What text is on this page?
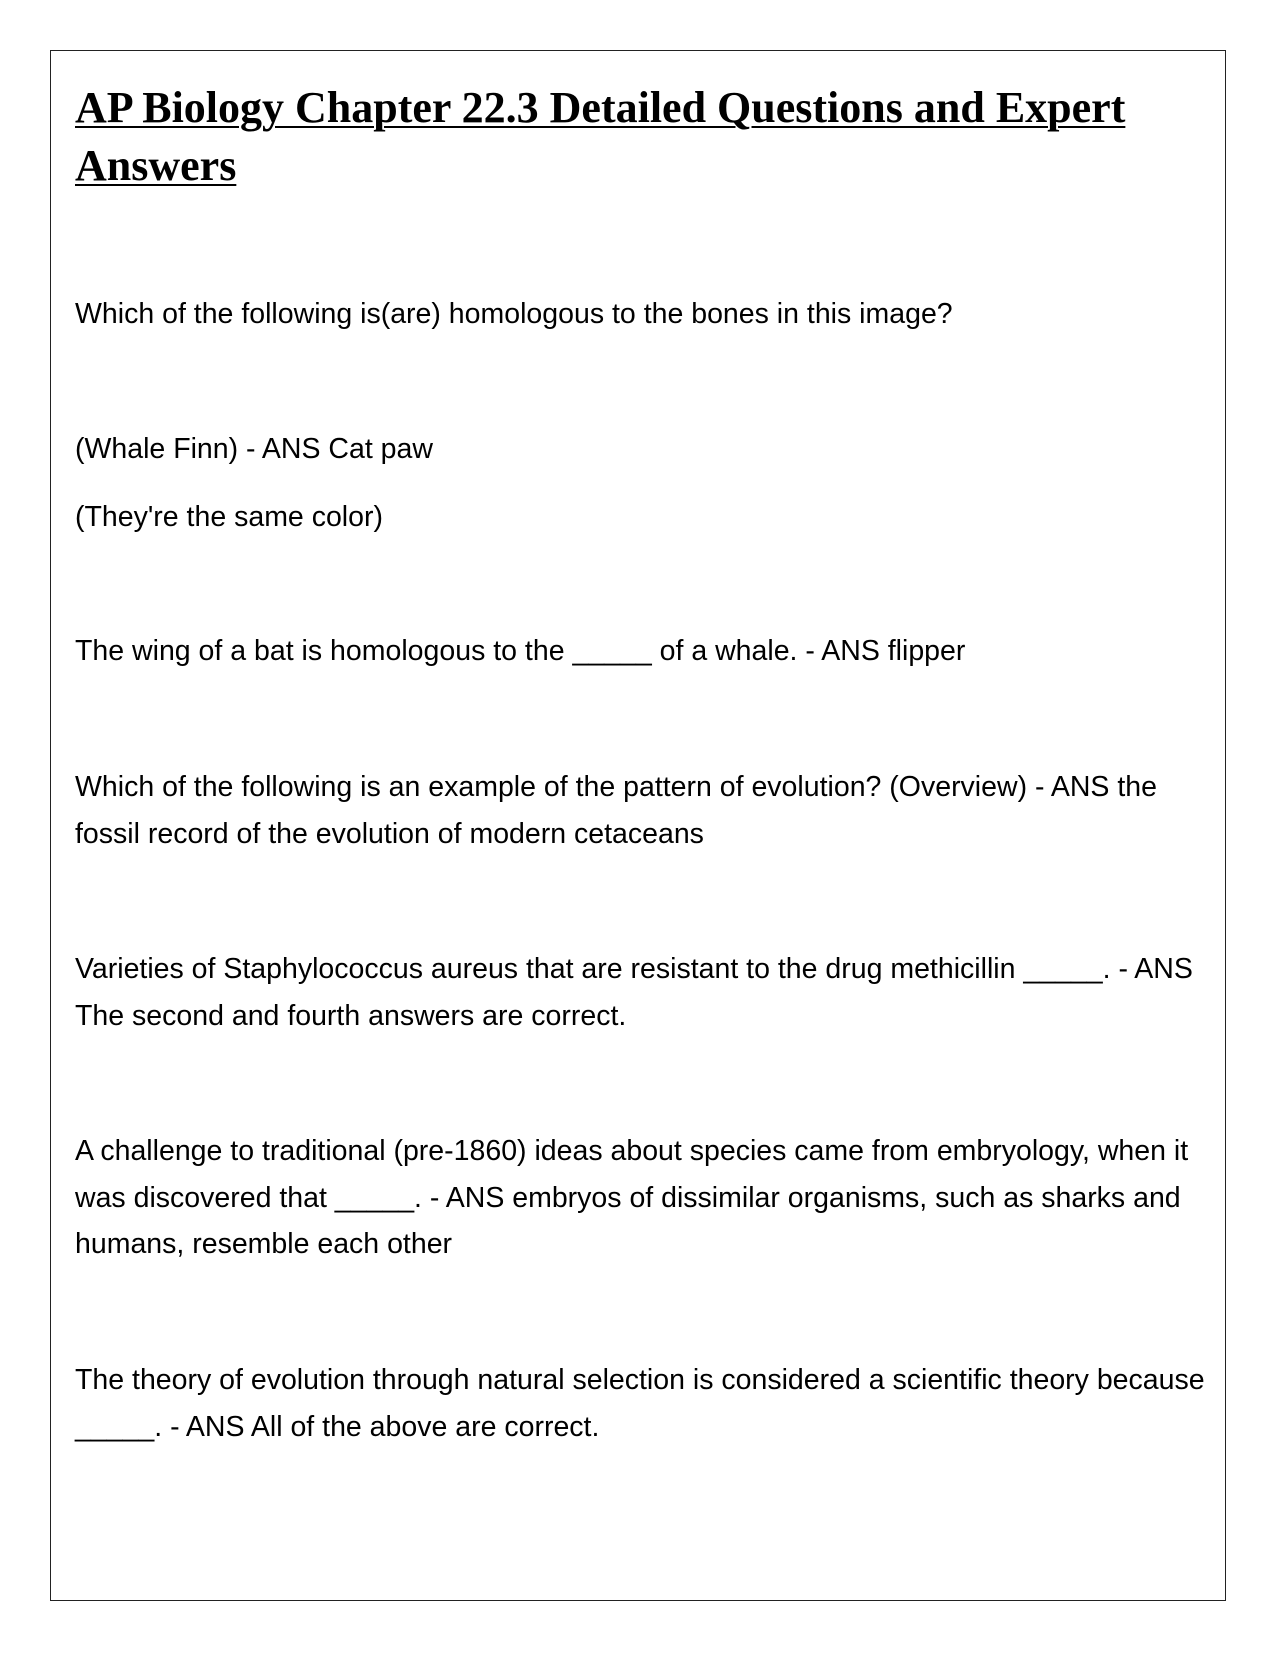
AP Biology Chapter 22.3 Detailed Questions and Expert Answers

Which of the following is(are) homologous to the bones in this image?

(Whale Finn) - ANS Cat paw

(They're the same color)

The wing of a bat is homologous to the _____ of a whale. - ANS flipper

Which of the following is an example of the pattern of evolution? (Overview) - ANS the fossil record of the evolution of modern cetaceans

Varieties of Staphylococcus aureus that are resistant to the drug methicillin _____. - ANS The second and fourth answers are correct.

A challenge to traditional (pre-1860) ideas about species came from embryology, when it was discovered that _____. - ANS embryos of dissimilar organisms, such as sharks and humans, resemble each other

The theory of evolution through natural selection is considered a scientific theory because _____. - ANS All of the above are correct.
